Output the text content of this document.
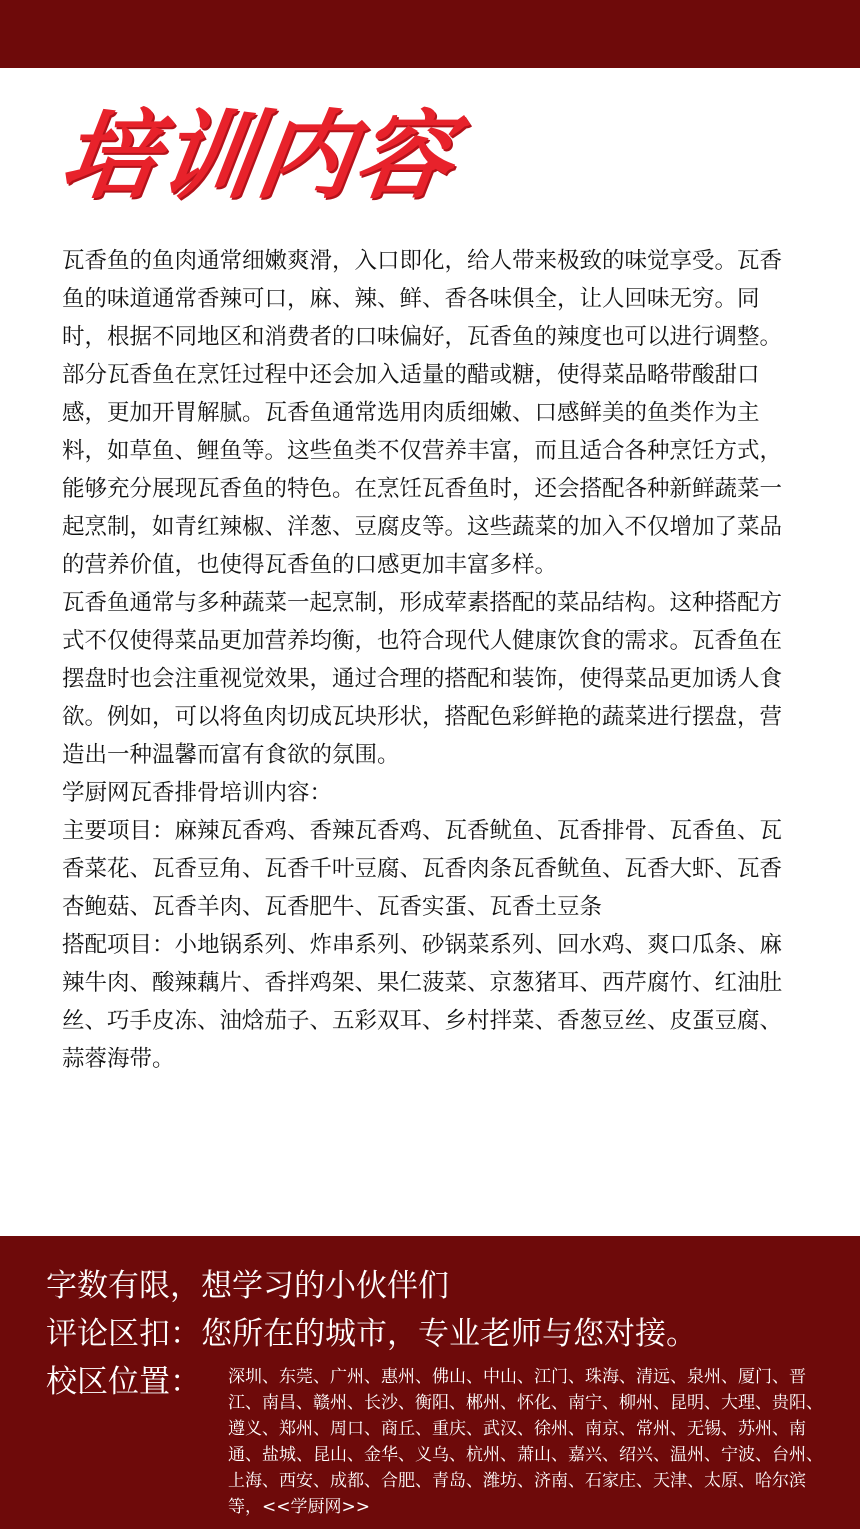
培训内容

瓦香鱼的鱼肉通常细嫩爽滑，入口即化，给人带来极致的味觉享受。瓦香鱼的味道通常香辣可口，麻、辣、鲜、香各味俱全，让人回味无穷。同时，根据不同地区和消费者的口味偏好，瓦香鱼的辣度也可以进行调整。部分瓦香鱼在烹饪过程中还会加入适量的醋或糖，使得菜品略带酸甜口感，更加开胃解腻。瓦香鱼通常选用肉质细嫩、口感鲜美的鱼类作为主料，如草鱼、鲤鱼等。这些鱼类不仅营养丰富，而且适合各种烹饪方式，能够充分展现瓦香鱼的特色。在烹饪瓦香鱼时，还会搭配各种新鲜蔬菜一起烹制，如青红辣椒、洋葱、豆腐皮等。这些蔬菜的加入不仅增加了菜品的营养价值，也使得瓦香鱼的口感更加丰富多样。

瓦香鱼通常与多种蔬菜一起烹制，形成荤素搭配的菜品结构。这种搭配方式不仅使得菜品更加营养均衡，也符合现代人健康饮食的需求。瓦香鱼在摆盘时也会注重视觉效果，通过合理的搭配和装饰，使得菜品更加诱人食欲。例如，可以将鱼肉切成瓦块形状，搭配色彩鲜艳的蔬菜进行摆盘，营造出一种温馨而富有食欲的氛围。

学厨网瓦香排骨培训内容：

主要项目：麻辣瓦香鸡、香辣瓦香鸡、瓦香鱿鱼、瓦香排骨、瓦香鱼、瓦香菜花、瓦香豆角、瓦香千叶豆腐、瓦香肉条瓦香鱿鱼、瓦香大虾、瓦香杏鲍菇、瓦香羊肉、瓦香肥牛、瓦香实蛋、瓦香土豆条

搭配项目：小地锅系列、炸串系列、砂锅菜系列、回水鸡、爽口瓜条、麻辣牛肉、酸辣藕片、香拌鸡架、果仁菠菜、京葱猪耳、西芹腐竹、红油肚丝、巧手皮冻、油焓茄子、五彩双耳、乡村拌菜、香葱豆丝、皮蛋豆腐、蒜蓉海带。

字数有限，想学习的小伙伴们
评论区扣：您所在的城市，专业老师与您对接。
校区位置： 深圳、东莞、广州、惠州、佛山、中山、江门、珠海、清远、泉州、厦门、晋江、南昌、赣州、长沙、衡阳、郴州、怀化、南宁、柳州、昆明、大理、贵阳、遵义、郑州、周口、商丘、重庆、武汉、徐州、南京、常州、无锡、苏州、南通、盐城、昆山、金华、义乌、杭州、萧山、嘉兴、绍兴、温州、宁波、台州、上海、西安、成都、合肥、青岛、潍坊、济南、石家庄、天津、太原、哈尔滨等，<<学厨网>>
